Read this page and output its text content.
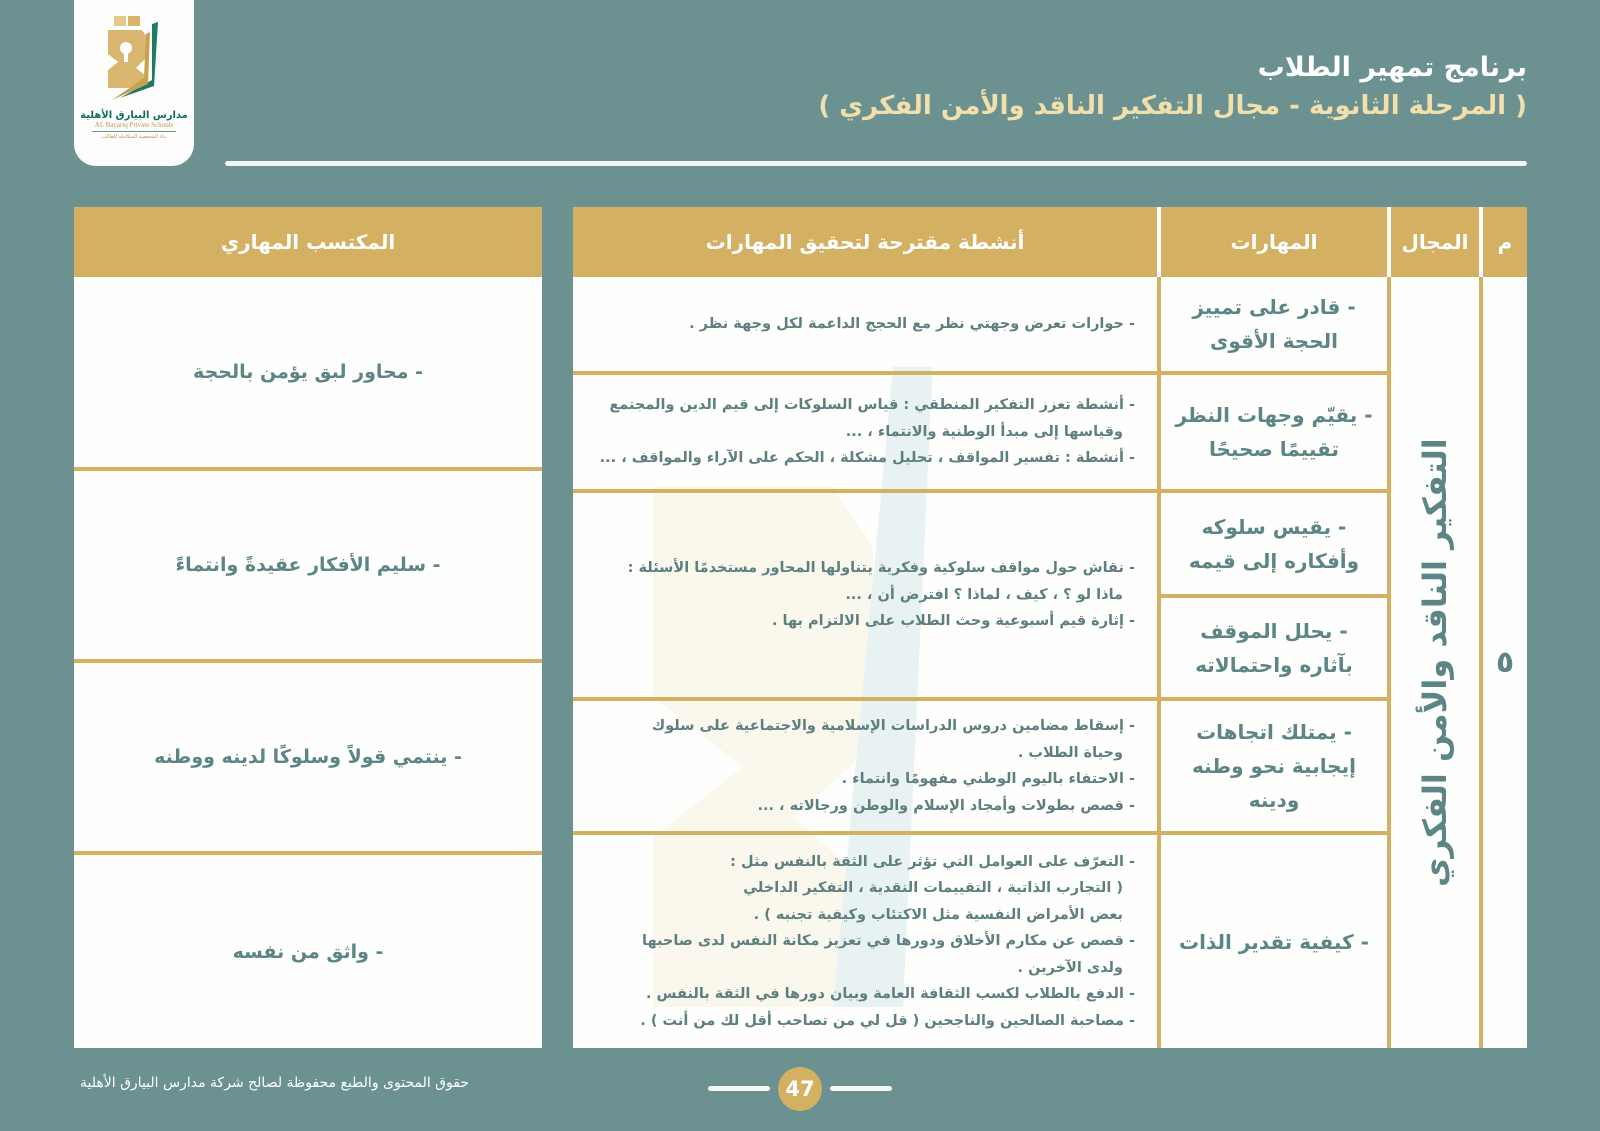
مدارس البيارق الأهلية
AL Bayariq Private Schools
بناء الشخصية المتكاملة للطالب
برنامج تمهير الطلاب
( المرحلة الثانوية - مجال التفكير الناقد والأمن الفكري )
المكتسب المهاري
- محاور لبق يؤمن بالحجة
- سليم الأفكار عقيدةً وانتماءً
- ينتمي قولاً وسلوكًا لدينه ووطنه
- واثق من نفسه
م
المجال
المهارات
أنشطة مقترحة لتحقيق المهارات
٥
التفكير الناقد والأمن الفكري
- قادر على تمييز الحجة الأقوى
- يقيّم وجهات النظر تقييمًا صحيحًا
- يقيس سلوكه وأفكاره إلى قيمه
- يحلل الموقف بآثاره واحتمالاته
- يمتلك اتجاهات إيجابية نحو وطنه ودينه
- كيفية تقدير الذات
- حوارات تعرض وجهتي نظر مع الحجج الداعمة لكل وجهة نظر .
- أنشطة تعزز التفكير المنطقي : قياس السلوكات إلى قيم الدين والمجتمع
وقياسها إلى مبدأ الوطنية والانتماء ، ...
- أنشطة : تفسير المواقف ، تحليل مشكلة ، الحكم على الآراء والمواقف ، ...
- نقاش حول مواقف سلوكية وفكرية يتناولها المحاور مستخدمًا الأسئلة :
ماذا لو ؟ ، كيف ، لماذا ؟ افترض أن ، ...
- إثارة قيم أسبوعية وحث الطلاب على الالتزام بها .
- إسقاط مضامين دروس الدراسات الإسلامية والاجتماعية على سلوك
وحياة الطلاب .
- الاحتفاء باليوم الوطني مفهومًا وانتماء .
- قصص بطولات وأمجاد الإسلام والوطن ورجالاته ، ...
- التعرّف على العوامل التي تؤثر على الثقة بالنفس مثل :
( التجارب الذاتية ، التقييمات النقدية ، التفكير الداخلي
بعض الأمراض النفسية مثل الاكتئاب وكيفية تجنبه ) .
- قصص عن مكارم الأخلاق ودورها في تعزيز مكانة النفس لدى صاحبها
ولدى الآخرين .
- الدفع بالطلاب لكسب الثقافة العامة وبيان دورها في الثقة بالنفس .
- مصاحبة الصالحين والناجحين ( قل لي من تصاحب أقل لك من أنت ) .
حقوق المحتوى والطبع محفوظة لصالح شركة مدارس البيارق الأهلية	47
